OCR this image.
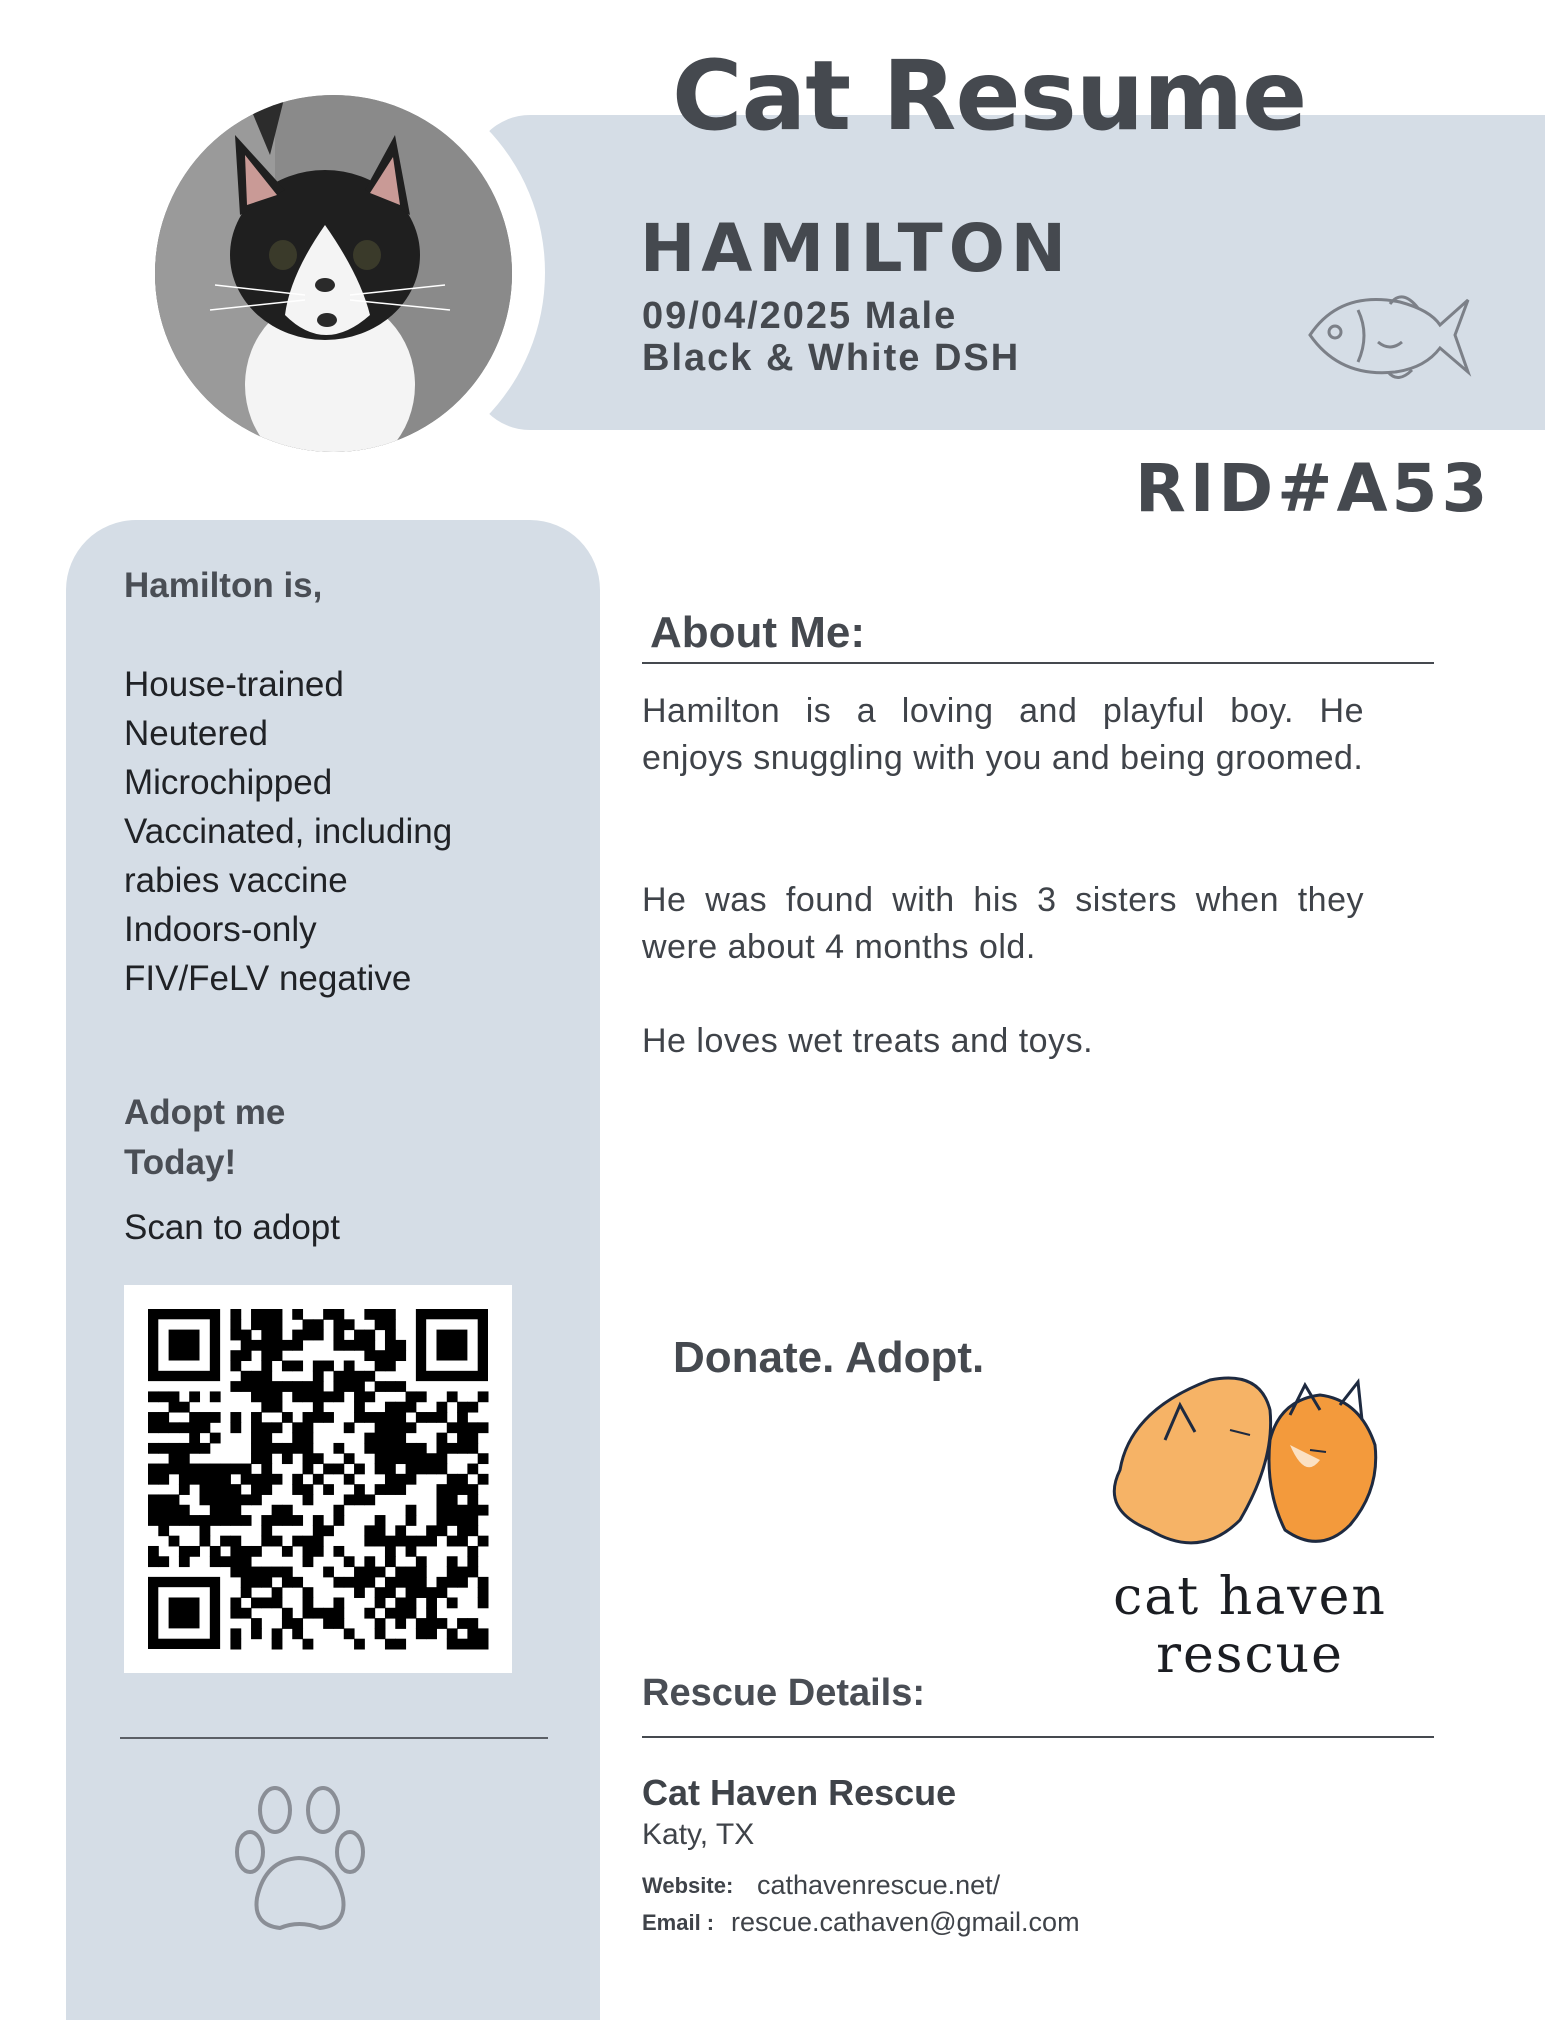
Cat Resume
HAMILTON
09/04/2025 Male
Black & White DSH
RID#A53
Hamilton is,
House-trained
Neutered
Microchipped
Vaccinated, including
rabies vaccine
Indoors-only
FIV/FeLV negative
Adopt me
Today!
Scan to adopt
About Me:

Hamilton is a loving and playful boy. He enjoys snuggling with you and being groomed.

He was found with his 3 sisters when they were about 4 months old.

He loves wet treats and toys.

Donate. Adopt.
cat haven
rescue
Rescue Details:
Cat Haven Rescue
Katy, TX
Website: cathavenrescue.net/
Email : rescue.cathaven@gmail.com
